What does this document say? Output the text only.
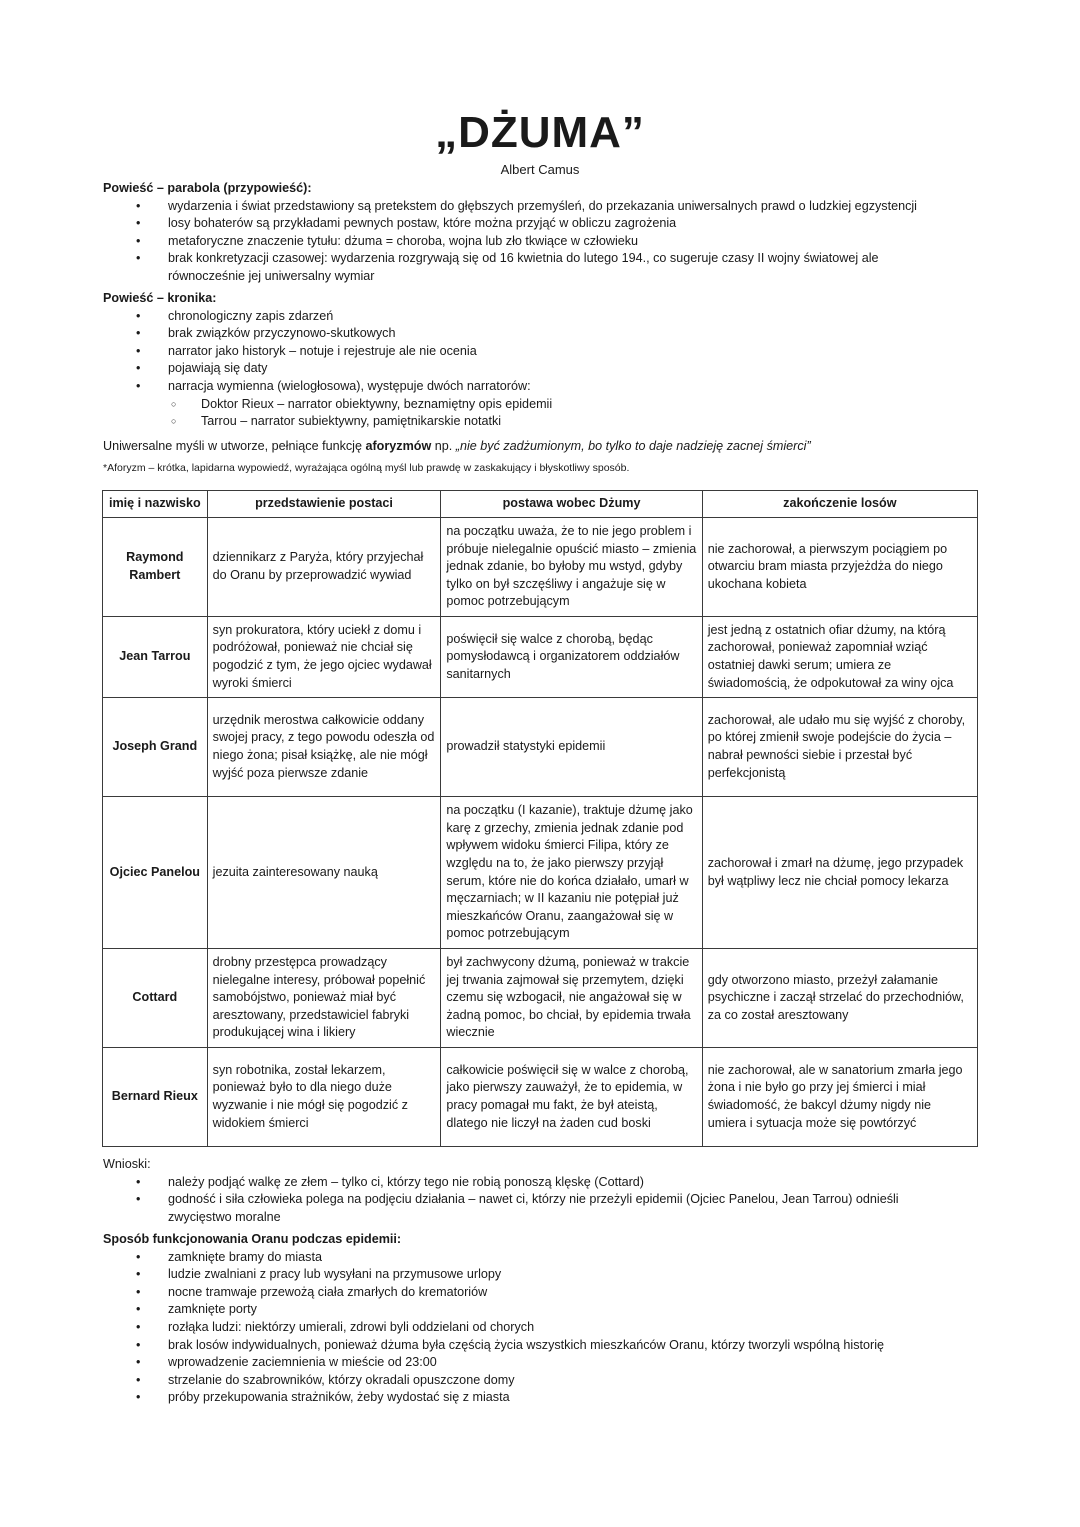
„DŻUMA”
Albert Camus
Powieść – parabola (przypowieść):
• wydarzenia i świat przedstawiony są pretekstem do głębszych przemyśleń, do przekazania uniwersalnych prawd o ludzkiej egzystencji
• losy bohaterów są przykładami pewnych postaw, które można przyjąć w obliczu zagrożenia
• metaforyczne znaczenie tytułu: dżuma = choroba, wojna lub zło tkwiące w człowieku
• brak konkretyzacji czasowej: wydarzenia rozgrywają się od 16 kwietnia do lutego 194., co sugeruje czasy II wojny światowej ale równocześnie jej uniwersalny wymiar
Powieść – kronika:
• chronologiczny zapis zdarzeń
• brak związków przyczynowo-skutkowych
• narrator jako historyk – notuje i rejestruje ale nie ocenia
• pojawiają się daty
• narracja wymienna (wielogłosowa), występuje dwóch narratorów:
○ Doktor Rieux – narrator obiektywny, beznamiętny opis epidemii
○ Tarrou – narrator subiektywny, pamiętnikarskie notatki
Uniwersalne myśli w utworze, pełniące funkcję aforyzmów np. „nie być zadżumionym, bo tylko to daje nadzieję zacnej śmierci”
*Aforyzm – krótka, lapidarna wypowiedź, wyrażająca ogólną myśl lub prawdę w zaskakujący i błyskotliwy sposób.
imię i nazwisko	przedstawienie postaci	postawa wobec Dżumy	zakończenie losów
Raymond Rambert	dziennikarz z Paryża, który przyjechał do Oranu by przeprowadzić wywiad	na początku uważa, że to nie jego problem i próbuje nielegalnie opuścić miasto – zmienia jednak zdanie, bo byłoby mu wstyd, gdyby tylko on był szczęśliwy i angażuje się w pomoc potrzebującym	nie zachorował, a pierwszym pociągiem po otwarciu bram miasta przyjeżdża do niego ukochana kobieta
Jean Tarrou	syn prokuratora, który uciekł z domu i podróżował, ponieważ nie chciał się pogodzić z tym, że jego ojciec wydawał wyroki śmierci	poświęcił się walce z chorobą, będąc pomysłodawcą i organizatorem oddziałów sanitarnych	jest jedną z ostatnich ofiar dżumy, na którą zachorował, ponieważ zapomniał wziąć ostatniej dawki serum; umiera ze świadomością, że odpokutował za winy ojca
Joseph Grand	urzędnik merostwa całkowicie oddany swojej pracy, z tego powodu odeszła od niego żona; pisał książkę, ale nie mógł wyjść poza pierwsze zdanie	prowadził statystyki epidemii	zachorował, ale udało mu się wyjść z choroby, po której zmienił swoje podejście do życia – nabrał pewności siebie i przestał być perfekcjonistą
Ojciec Panelou	jezuita zainteresowany nauką	na początku (I kazanie), traktuje dżumę jako karę z grzechy, zmienia jednak zdanie pod wpływem widoku śmierci Filipa, który ze względu na to, że jako pierwszy przyjął serum, które nie do końca działało, umarł w męczarniach; w II kazaniu nie potępiał już mieszkańców Oranu, zaangażował się w pomoc potrzebującym	zachorował i zmarł na dżumę, jego przypadek był wątpliwy lecz nie chciał pomocy lekarza
Cottard	drobny przestępca prowadzący nielegalne interesy, próbował popełnić samobójstwo, ponieważ miał być aresztowany, przedstawiciel fabryki produkującej wina i likiery	był zachwycony dżumą, ponieważ w trakcie jej trwania zajmował się przemytem, dzięki czemu się wzbogacił, nie angażował się w żadną pomoc, bo chciał, by epidemia trwała wiecznie	gdy otworzono miasto, przeżył załamanie psychiczne i zaczął strzelać do przechodniów, za co został aresztowany
Bernard Rieux	syn robotnika, został lekarzem, ponieważ było to dla niego duże wyzwanie i nie mógł się pogodzić z widokiem śmierci	całkowicie poświęcił się w walce z chorobą, jako pierwszy zauważył, że to epidemia, w pracy pomagał mu fakt, że był ateistą, dlatego nie liczył na żaden cud boski	nie zachorował, ale w sanatorium zmarła jego żona i nie było go przy jej śmierci i miał świadomość, że bakcyl dżumy nigdy nie umiera i sytuacja może się powtórzyć
Wnioski:
• należy podjąć walkę ze złem – tylko ci, którzy tego nie robią ponoszą klęskę (Cottard)
• godność i siła człowieka polega na podjęciu działania – nawet ci, którzy nie przeżyli epidemii (Ojciec Panelou, Jean Tarrou) odnieśli zwycięstwo moralne
Sposób funkcjonowania Oranu podczas epidemii:
• zamknięte bramy do miasta
• ludzie zwalniani z pracy lub wysyłani na przymusowe urlopy
• nocne tramwaje przewożą ciała zmarłych do krematoriów
• zamknięte porty
• rozłąka ludzi: niektórzy umierali, zdrowi byli oddzielani od chorych
• brak losów indywidualnych, ponieważ dżuma była częścią życia wszystkich mieszkańców Oranu, którzy tworzyli wspólną historię
• wprowadzenie zaciemnienia w mieście od 23:00
• strzelanie do szabrowników, którzy okradali opuszczone domy
• próby przekupowania strażników, żeby wydostać się z miasta
